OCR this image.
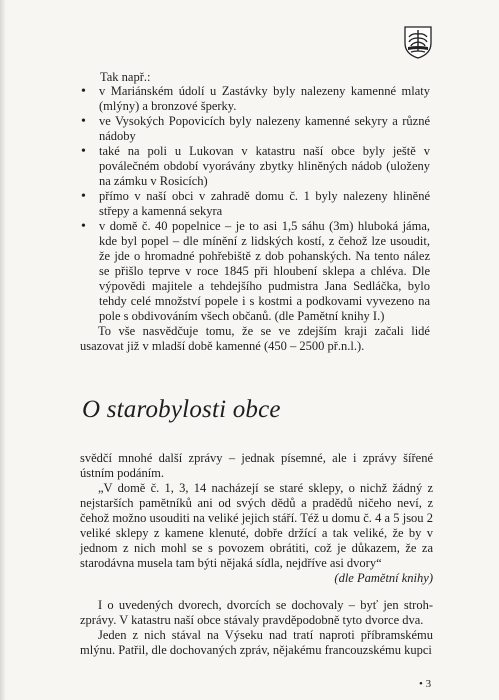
Tak např.:
• v Mariánském údolí u Zastávky byly nalezeny kamenné mlaty (mlýny) a bronzové šperky.
• ve Vysokých Popovicích byly nalezeny kamenné sekyry a různé nádoby
• také na poli u Lukovan v katastru naší obce byly ještě v poválečném období vyorávány zbytky hliněných nádob (uloženy na zámku v Rosicích)
• přímo v naší obci v zahradě domu č. 1 byly nalezeny hliněné střepy a kamenná sekyra
• v domě č. 40 popelnice – je to asi 1,5 sáhu (3m) hluboká jáma, kde byl popel – dle mínění z lidských kostí, z čehož lze usoudit, že jde o hromadné pohřebiště z dob pohanských. Na tento nález se přišlo teprve v roce 1845 při hloubení sklepa a chléva. Dle výpovědi majitele a tehdejšího pudmistra Jana Sedláčka, bylo tehdy celé množství popele i s kostmi a podkovami vyvezeno na pole s obdivováním všech občanů. (dle Pamětní knihy I.)

To vše nasvědčuje tomu, že se ve zdejším kraji začali lidé usazovat již v mladší době kamenné (450 – 2500 př.n.l.).

O starobylosti obce

svědčí mnohé další zprávy – jednak písemné, ale i zprávy šířené ústním podáním.

„V domě č. 1, 3, 14 nacházejí se staré sklepy, o nichž žádný z nejstarších pamětníků ani od svých dědů a pradědů ničeho neví, z čehož možno usouditi na veliké jejich stáří. Též u domu č. 4 a 5 jsou 2 veliké sklepy z kamene klenuté, dobře držící a tak veliké, že by v jednom z nich mohl se s povozem obrátiti, což je důkazem, že za starodávna musela tam býti nějaká sídla, nejdříve asi dvory“

(dle Pamětní knihy)

I o uvedených dvorech, dvorcích se dochovaly – byť jen stroh-zprávy. V katastru naší obce stávaly pravděpodobně tyto dvorce dva.

Jeden z nich stával na Výseku nad tratí naproti příbramskému mlýnu. Patřil, dle dochovaných zpráv, nějakému francouzskému kupci

• 3
